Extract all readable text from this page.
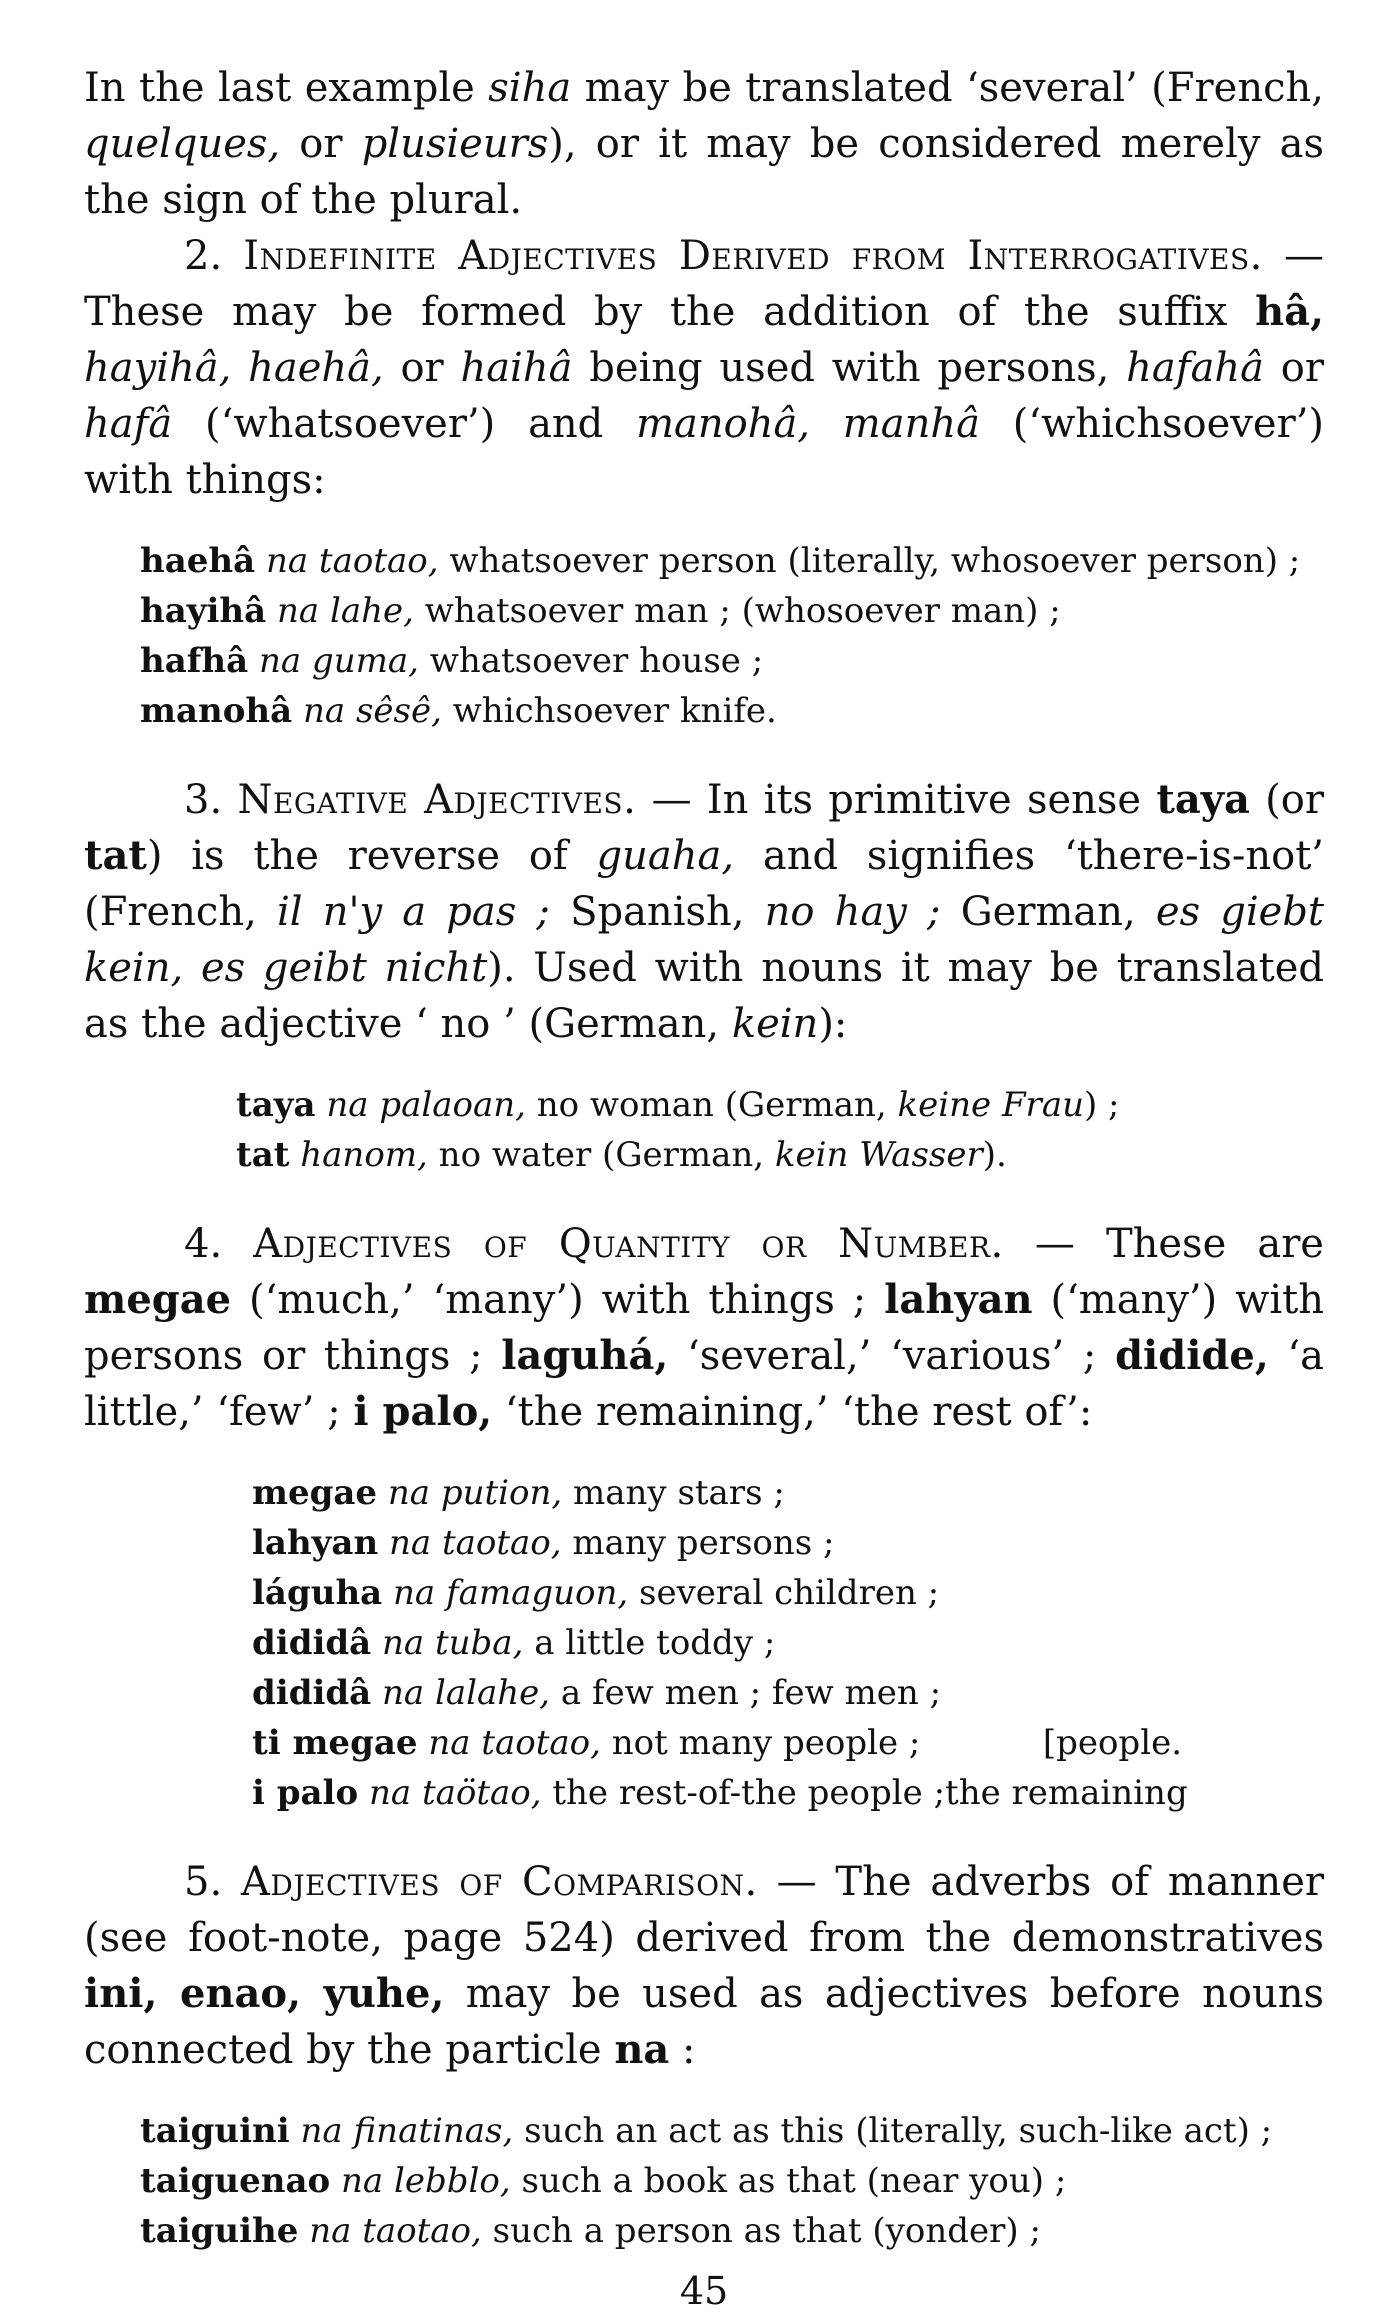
In the last example siha may be translated ‘several’ (French, quelques, or plusieurs), or it may be considered merely as the sign of the plural.

2. Indefinite Adjectives Derived from Interrogatives. — These may be formed by the addition of the suffix hâ, hayihâ, haehâ, or haihâ being used with persons, hafahâ or hafâ (‘whatsoever’) and manohâ, manhâ (‘whichsoever’) with things:

haehâ na taotao, whatsoever person (literally, whosoever person) ;
hayihâ na lahe, whatsoever man ; (whosoever man) ;
hafhâ na guma, whatsoever house ;
manohâ na sêsê, whichsoever knife.

3. Negative Adjectives. — In its primitive sense taya (or tat) is the reverse of guaha, and signifies ‘there-is-not’ (French, il n'y a pas ; Spanish, no hay ; German, es giebt kein, es geibt nicht). Used with nouns it may be translated as the adjective ‘ no ’ (German, kein):

taya na palaoan, no woman (German, keine Frau) ;
tat hanom, no water (German, kein Wasser).

4. Adjectives of Quantity or Number. — These are megae (‘much,’ ‘many’) with things ; lahyan (‘many’) with persons or things ; laguhá, ‘several,’ ‘various’ ; didide, ‘a little,’ ‘few’ ; i palo, ‘the remaining,’ ‘the rest of’:

megae na pution, many stars ;
lahyan na taotao, many persons ;
láguha na famaguon, several children ;
dididâ na tuba, a little toddy ;
dididâ na lalahe, a few men ; few men ;
ti megae na taotao, not many people ;	[people.
i palo na taötao, the rest-of-the people ; the remaining

5. Adjectives of Comparison. — The adverbs of manner (see foot-note, page 524) derived from the demonstratives ini, enao, yuhe, may be used as adjectives before nouns connected by the particle na :

taiguini na finatinas, such an act as this (literally, such-like act) ;
taiguenao na lebblo, such a book as that (near you) ;
taiguihe na taotao, such a person as that (yonder) ;
45
